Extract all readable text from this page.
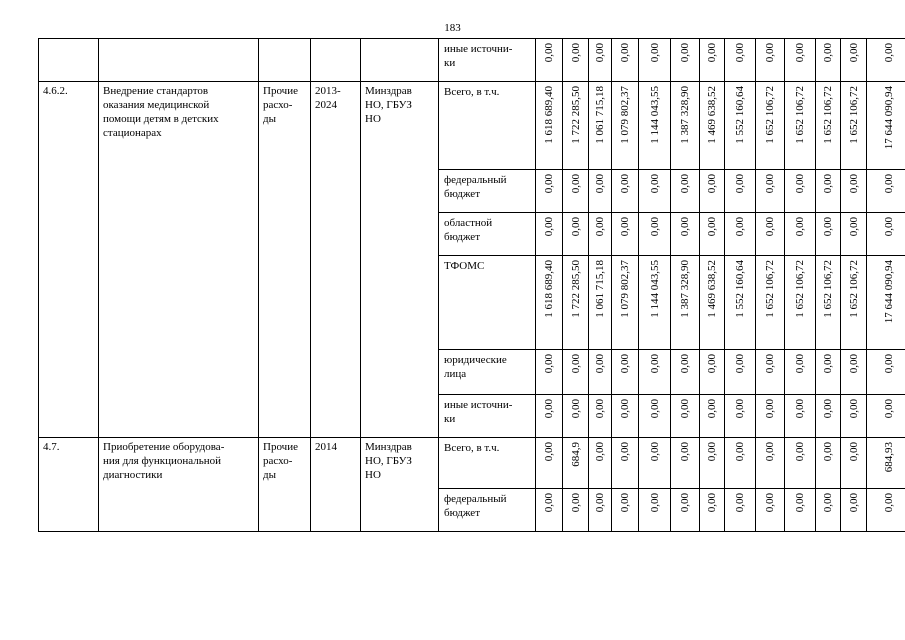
183

					иные источни-
ки	0,00	0,00	0,00	0,00	0,00	0,00	0,00	0,00	0,00	0,00	0,00	0,00	0,00

4.6.2.	Внедрение стандартов
оказания медицинской
помощи детям в детских
стационарах	Прочие
расхо-
ды	2013-
2024	Минздрав
НО, ГБУЗ
НО	Всего, в т.ч.	1 618 689,40	1 722 285,50	1 061 715,18	1 079 802,37	1 144 043,55	1 387 328,90	1 469 638,52	1 552 160,64	1 652 106,72	1 652 106,72	1 652 106,72	1 652 106,72	17 644 090,94

					федеральный
бюджет	0,00	0,00	0,00	0,00	0,00	0,00	0,00	0,00	0,00	0,00	0,00	0,00	0,00

					областной
бюджет	0,00	0,00	0,00	0,00	0,00	0,00	0,00	0,00	0,00	0,00	0,00	0,00	0,00

ТФОМС	1 618 689,40	1 722 285,50	1 061 715,18	1 079 802,37	1 144 043,55	1 387 328,90	1 469 638,52	1 552 160,64	1 652 106,72	1 652 106,72	1 652 106,72	1 652 106,72	17 644 090,94

					юридические
лица	0,00	0,00	0,00	0,00	0,00	0,00	0,00	0,00	0,00	0,00	0,00	0,00	0,00

					иные источни-
ки	0,00	0,00	0,00	0,00	0,00	0,00	0,00	0,00	0,00	0,00	0,00	0,00	0,00

4.7.	Приобретение оборудова-
ния для функциональной
диагностики	Прочие
расхо-
ды	2014	Минздрав
НО, ГБУЗ
НО	Всего, в т.ч.	0,00	684,9	0,00	0,00	0,00	0,00	0,00	0,00	0,00	0,00	0,00	0,00	684,93

					федеральный
бюджет	0,00	0,00	0,00	0,00	0,00	0,00	0,00	0,00	0,00	0,00	0,00	0,00	0,00
